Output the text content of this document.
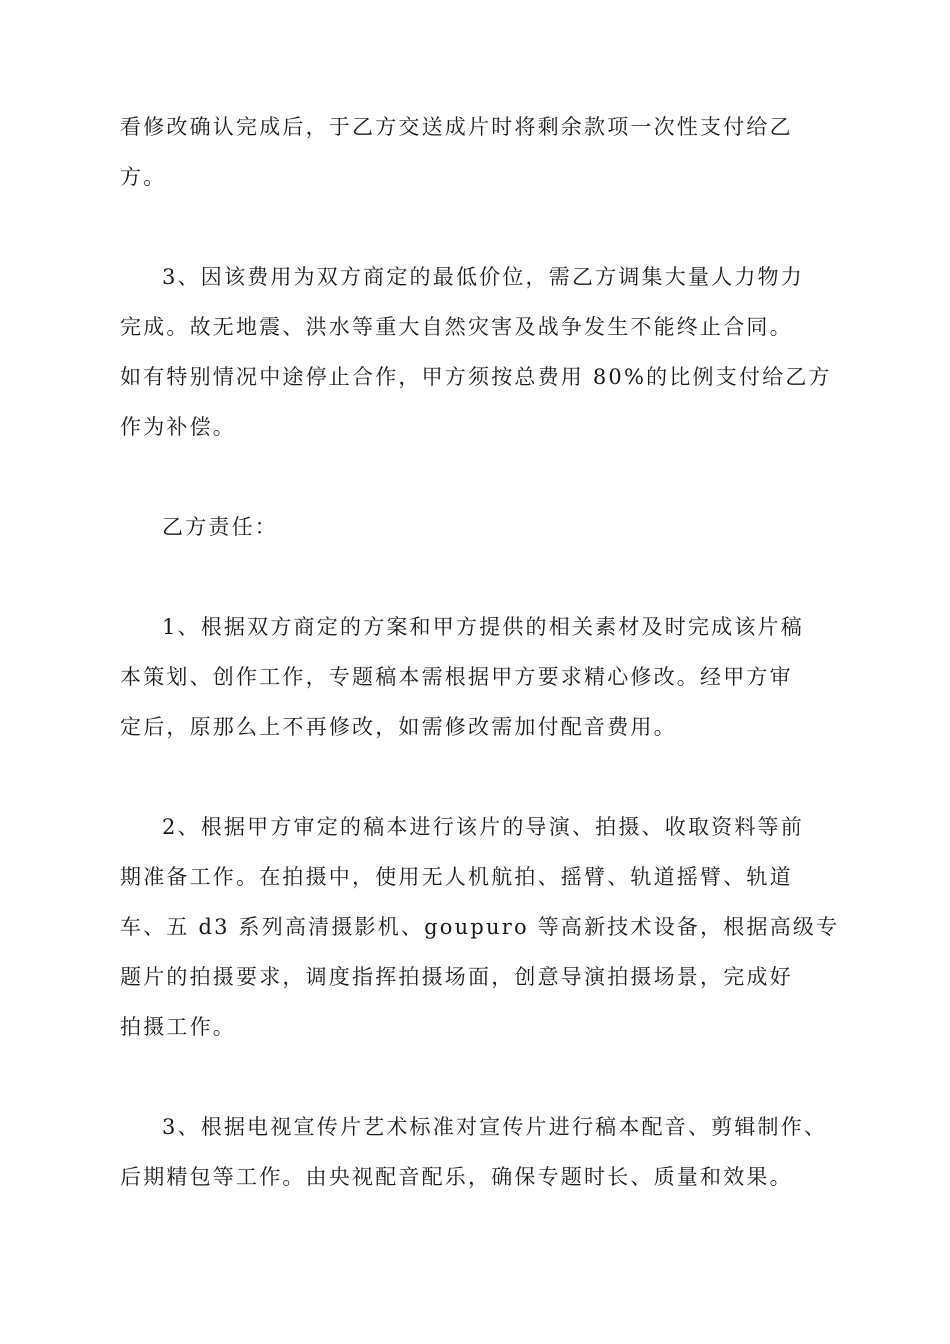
看修改确认完成后，于乙方交送成片时将剩余款项一次性支付给乙
方。
3、因该费用为双方商定的最低价位，需乙方调集大量人力物力
完成。故无地震、洪水等重大自然灾害及战争发生不能终止合同。
如有特别情况中途停止合作，甲方须按总费用 80%的比例支付给乙方
作为补偿。
乙方责任：
1、根据双方商定的方案和甲方提供的相关素材及时完成该片稿
本策划、创作工作，专题稿本需根据甲方要求精心修改。经甲方审
定后，原那么上不再修改，如需修改需加付配音费用。
2、根据甲方审定的稿本进行该片的导演、拍摄、收取资料等前
期准备工作。在拍摄中，使用无人机航拍、摇臂、轨道摇臂、轨道
车、五 d3 系列高清摄影机、goupuro 等高新技术设备，根据高级专
题片的拍摄要求，调度指挥拍摄场面，创意导演拍摄场景，完成好
拍摄工作。
3、根据电视宣传片艺术标准对宣传片进行稿本配音、剪辑制作、
后期精包等工作。由央视配音配乐，确保专题时长、质量和效果。
